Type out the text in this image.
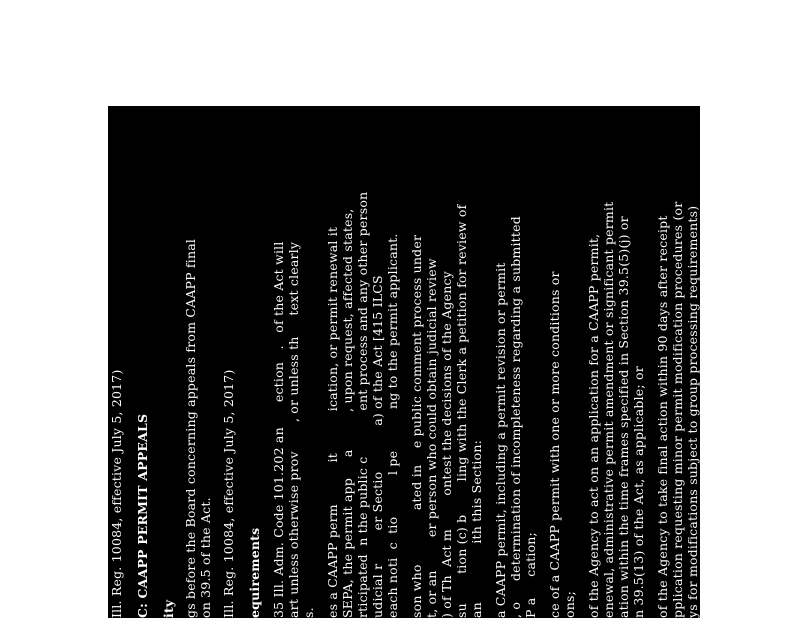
Ill. Reg. 10084, effective July 5, 2017) C: CAAPP PERMIT APPEALS ity gs before the Board concerning appeals from CAAPP final on 39.5 of the Act. Ill. Reg. 10084, effective July 5, 2017) equirements 35 Ill. Adm. Code 101.202 an      ection   .   of the Act will art unless otherwise prov       , or unless th     text clearly s. es a CAAPP perm          it          ication, or permit renewal it SEPA, the permit app     a         , upon request, affected states, rticipated  n the public c           ent process and any other person udicial r        er Sectio           a) of the Act [415 ILCS each noti  c  tio          l pe          ng to the permit applicant. son who             ated in    e public comment process under t, or an        er person who could obtain judicial review ) of Th  Act m        ontest the decisions of the Agency su       tion (c) b        ling with the Clerk a petition for review of an              ith this Section: a CAAPP permit, including a permit revision or permit , o     determination of incompleteness regarding a submitted P a     cation; ce of a CAAPP permit with one or more conditions or ons; of the Agency to act on an application for a CAAPP permit, enewal, administrative permit amendment or significant permit ation within the time frames specified in Section 39.5(5)(j) or n 39.5(13) of the Act, as applicable; or of the Agency to take final action within 90 days after receipt pplication requesting minor permit modification procedures (or ys for modifications subject to group processing requirements) Section 39.5(14) of the Act.
